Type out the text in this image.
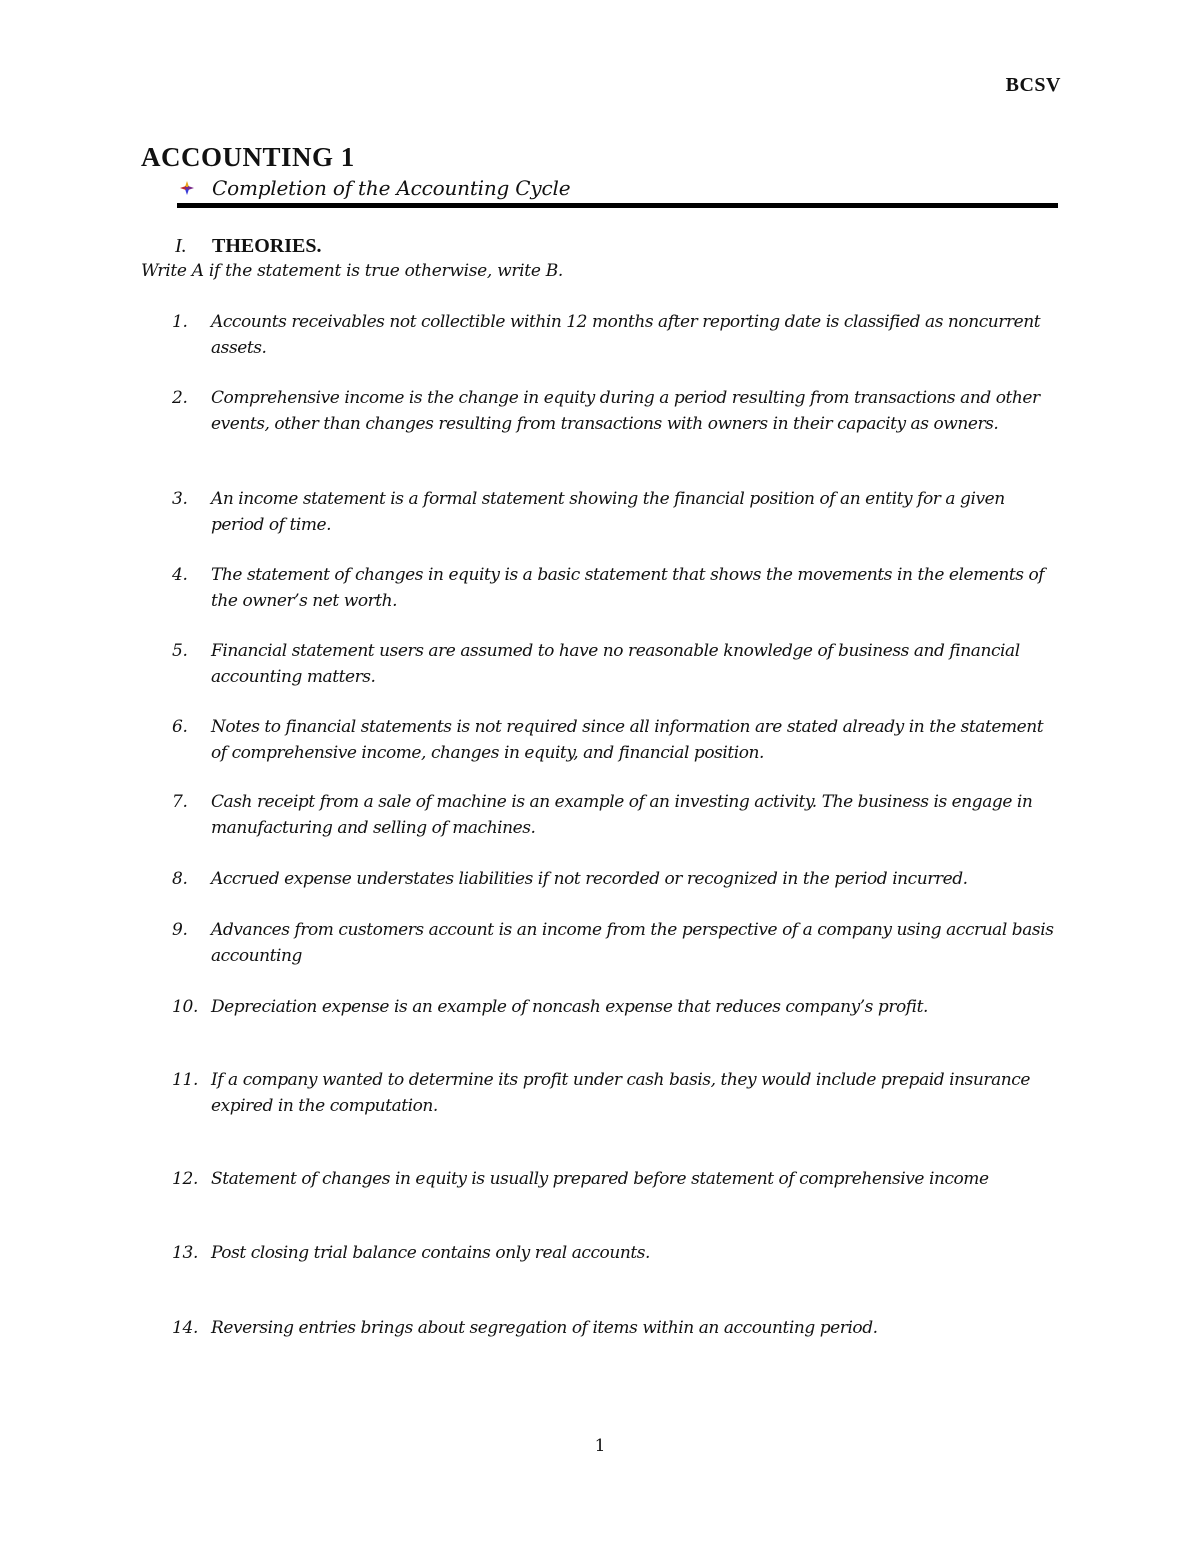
BCSV
ACCOUNTING 1
Completion of the Accounting Cycle
I.	THEORIES.
Write A if the statement is true otherwise, write B.
1.	Accounts receivables not collectible within 12 months after reporting date is classified as noncurrent assets.
2.	Comprehensive income is the change in equity during a period resulting from transactions and other events, other than changes resulting from transactions with owners in their capacity as owners.
3.	An income statement is a formal statement showing the financial position of an entity for a given period of time.
4.	The statement of changes in equity is a basic statement that shows the movements in the elements of the owner’s net worth.
5.	Financial statement users are assumed to have no reasonable knowledge of business and financial accounting matters.
6.	Notes to financial statements is not required since all information are stated already in the statement of comprehensive income, changes in equity, and financial position.
7.	Cash receipt from a sale of machine is an example of an investing activity. The business is engage in manufacturing and selling of machines.
8.	Accrued expense understates liabilities if not recorded or recognized in the period incurred.
9.	Advances from customers account is an income from the perspective of a company using accrual basis accounting
10. Depreciation expense is an example of noncash expense that reduces company’s profit.
11. If a company wanted to determine its profit under cash basis, they would include prepaid insurance expired in the computation.
12. Statement of changes in equity is usually prepared before statement of comprehensive income
13. Post closing trial balance contains only real accounts.
14. Reversing entries brings about segregation of items within an accounting period.
1
